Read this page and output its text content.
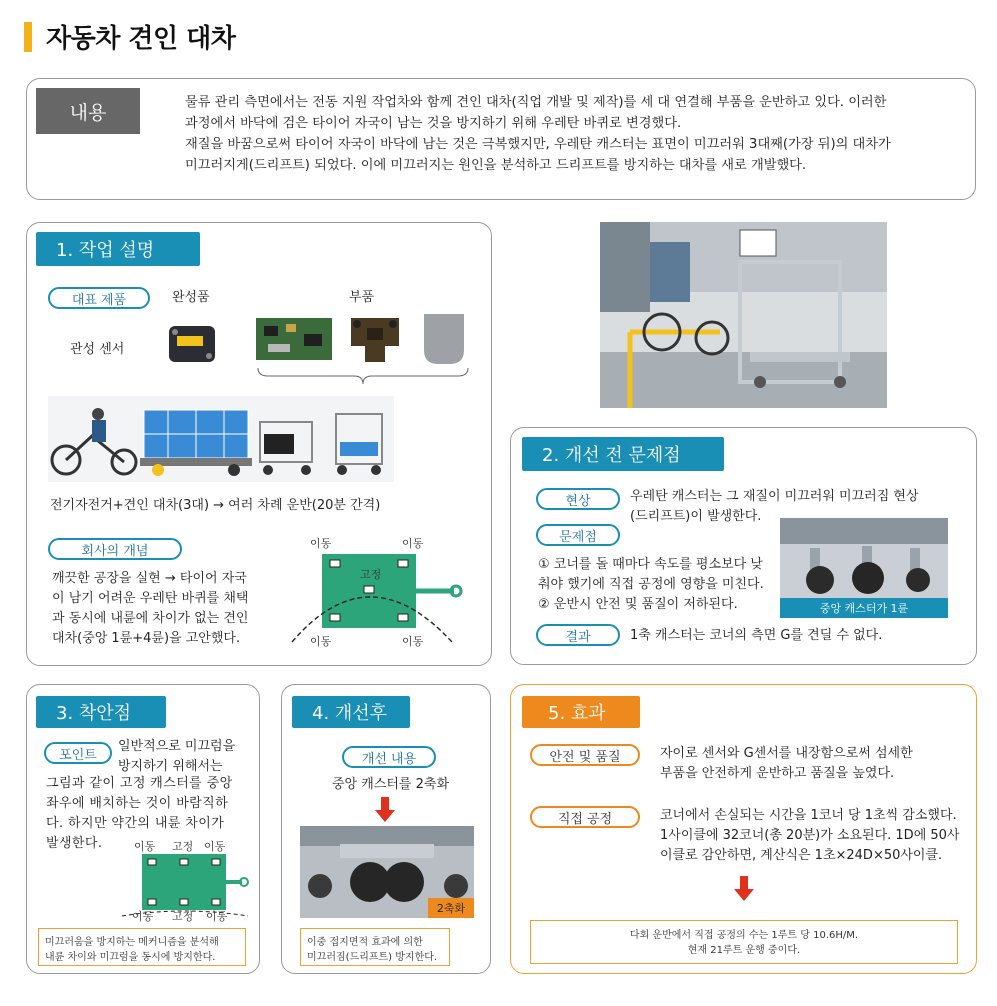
자동차 견인 대차
내용	물류 관리 측면에서는 전동 지원 작업차와 함께 견인 대차(직업 개발 및 제작)를 세 대 연결해 부품을 운반하고 있다. 이러한
과정에서 바닥에 검은 타이어 자국이 남는 것을 방지하기 위해 우레탄 바퀴로 변경했다.
재질을 바꿈으로써 타이어 자국이 바닥에 남는 것은 극복했지만, 우레탄 캐스터는 표면이 미끄러워 3대째(가장 뒤)의 대차가
미끄러지게(드리프트) 되었다. 이에 미끄러지는 원인을 분석하고 드리프트를 방지하는 대차를 새로 개발했다.
1. 작업 설명
대표 제품	완성품	부품
관성 센서
전기자전거+견인 대차(3대) → 여러 차례 운반(20분 간격)
회사의 개념
깨끗한 공장을 실현 → 타이어 자국
이 남기 어려운 우레탄 바퀴를 채택
과 동시에 내륜에 차이가 없는 견인
대차(중앙 1륜+4륜)을 고안했다.
이동	이동
고정
이동	이동
2. 개선 전 문제점
현상	우레탄 캐스터는 그 재질이 미끄러워 미끄러짐 현상
(드리프트)이 발생한다.
문제점
① 코너를 돌 때마다 속도를 평소보다 낮
춰야 했기에 직접 공정에 영향을 미친다.
② 운반시 안전 및 품질이 저하된다.	중앙 캐스터가 1륜
결과	1축 캐스터는 코너의 측면 G를 견딜 수 없다.
3. 착안점
포인트
일반적으로 미끄럼을
방지하기 위해서는
그림과 같이 고정 캐스터를 중앙
좌우에 배치하는 것이 바람직하
다. 하지만 약간의 내륜 차이가
발생한다.	이동 고정 이동
이동 고정 이동
미끄러움을 방지하는 메커니즘을 분석해
내륜 차이와 미끄럼을 동시에 방지한다.
4. 개선후
개선 내용
중앙 캐스터를 2축화
2축화
이중 접지면적 효과에 의한
미끄러짐(드리프트) 방지한다.
5. 효과
안전 및 품질	자이로 센서와 G센서를 내장함으로써 섬세한
부품을 안전하게 운반하고 품질을 높였다.
직접 공정	코너에서 손실되는 시간을 1코너 당 1초씩 감소했다.
1사이클에 32코너(총 20분)가 소요된다. 1D에 50사
이클로 감안하면, 계산식은 1초×24D×50사이클.
다회 운반에서 직접 공정의 수는 1루트 당 10.6H/M.
현재 21루트 운행 중이다.
